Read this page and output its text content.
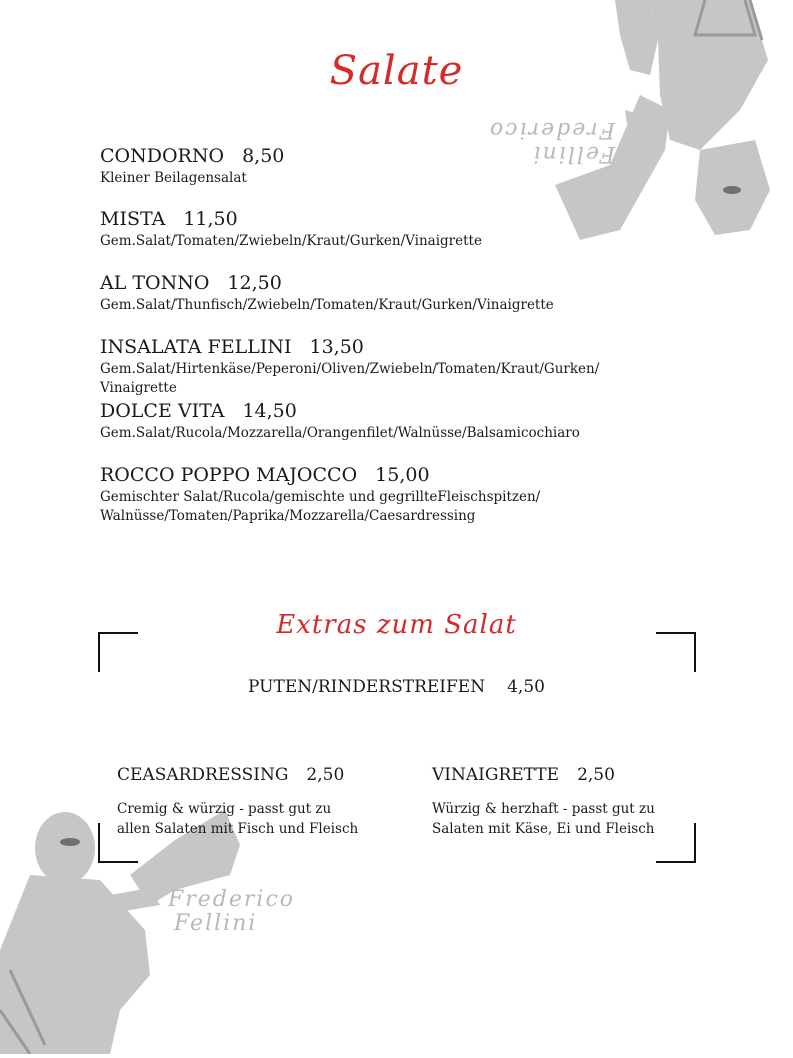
Fellini
Frederico
Frederico
Fellini
Salate
CONDORNO 8,50
Kleiner Beilagensalat
MISTA 11,50
Gem.Salat/Tomaten/Zwiebeln/Kraut/Gurken/Vinaigrette
AL TONNO 12,50
Gem.Salat/Thunfisch/Zwiebeln/Tomaten/Kraut/Gurken/Vinaigrette
INSALATA FELLINI 13,50
Gem.Salat/Hirtenkäse/Peperoni/Oliven/Zwiebeln/Tomaten/Kraut/Gurken/
Vinaigrette
DOLCE VITA 14,50
Gem.Salat/Rucola/Mozzarella/Orangenfilet/Walnüsse/Balsamicochiaro
ROCCO POPPO MAJOCCO 15,00
Gemischter Salat/Rucola/gemischte und gegrillteFleischspitzen/
Walnüsse/Tomaten/Paprika/Mozzarella/Caesardressing
Extras zum Salat
PUTEN/RINDERSTREIFEN 4,50
CEASARDRESSING 2,50
Cremig & würzig - passt gut zu
allen Salaten mit Fisch und Fleisch
VINAIGRETTE 2,50
Würzig & herzhaft - passt gut zu
Salaten mit Käse, Ei und Fleisch
